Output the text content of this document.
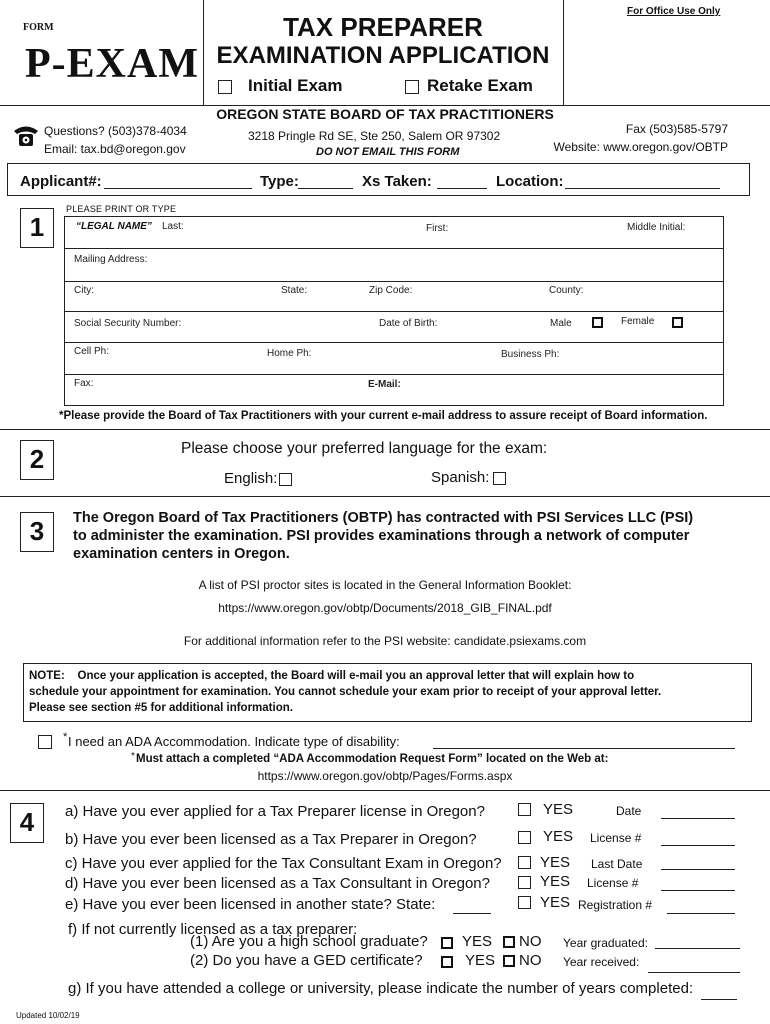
FORM
P-EXAM
TAX PREPARER
EXAMINATION APPLICATION
Initial Exam	Retake Exam
For Office Use Only
OREGON STATE BOARD OF TAX PRACTITIONERS
Questions? (503)378-4034
Email: tax.bd@oregon.gov
3218 Pringle Rd SE, Ste 250, Salem OR 97302
DO NOT EMAIL THIS FORM
Fax (503)585-5797
Website: www.oregon.gov/OBTP
Applicant#:	Type:	Xs Taken:	Location:
1
PLEASE PRINT OR TYPE
“LEGAL NAME” Last:	First:	Middle Initial:
Mailing Address:
City:	State:	Zip Code:	County:
Social Security Number:	Date of Birth:	Male	Female
Cell Ph:	Home Ph:	Business Ph:
Fax:	E-Mail:
*Please provide the Board of Tax Practitioners with your current e-mail address to assure receipt of Board information.
2	Please choose your preferred language for the exam:
English:	Spanish:
3	The Oregon Board of Tax Practitioners (OBTP) has contracted with PSI Services LLC (PSI)
to administer the examination. PSI provides examinations through a network of computer
examination centers in Oregon.
A list of PSI proctor sites is located in the General Information Booklet:
https://www.oregon.gov/obtp/Documents/2018_GIB_FINAL.pdf
For additional information refer to the PSI website: candidate.psiexams.com
NOTE:    Once your application is accepted, the Board will e-mail you an approval letter that will explain how to
schedule your appointment for examination. You cannot schedule your exam prior to receipt of your approval letter.
Please see section #5 for additional information.
* I need an ADA Accommodation. Indicate type of disability:
* Must attach a completed “ADA Accommodation Request Form” located on the Web at:
https://www.oregon.gov/obtp/Pages/Forms.aspx
4	a) Have you ever applied for a Tax Preparer license in Oregon?	YES	Date
b) Have you ever been licensed as a Tax Preparer in Oregon?	YES License #
c) Have you ever applied for the Tax Consultant Exam in Oregon?	YES Last Date
d) Have you ever been licensed as a Tax Consultant in Oregon?	YES License #
e) Have you ever been licensed in another state? State:	YES Registration #
f) If not currently licensed as a tax preparer:
(1) Are you a high school graduate? YES NO Year graduated:
(2) Do you have a GED certificate?	YES NO Year received:
g) If you have attended a college or university, please indicate the number of years completed:
Updated 10/02/19
